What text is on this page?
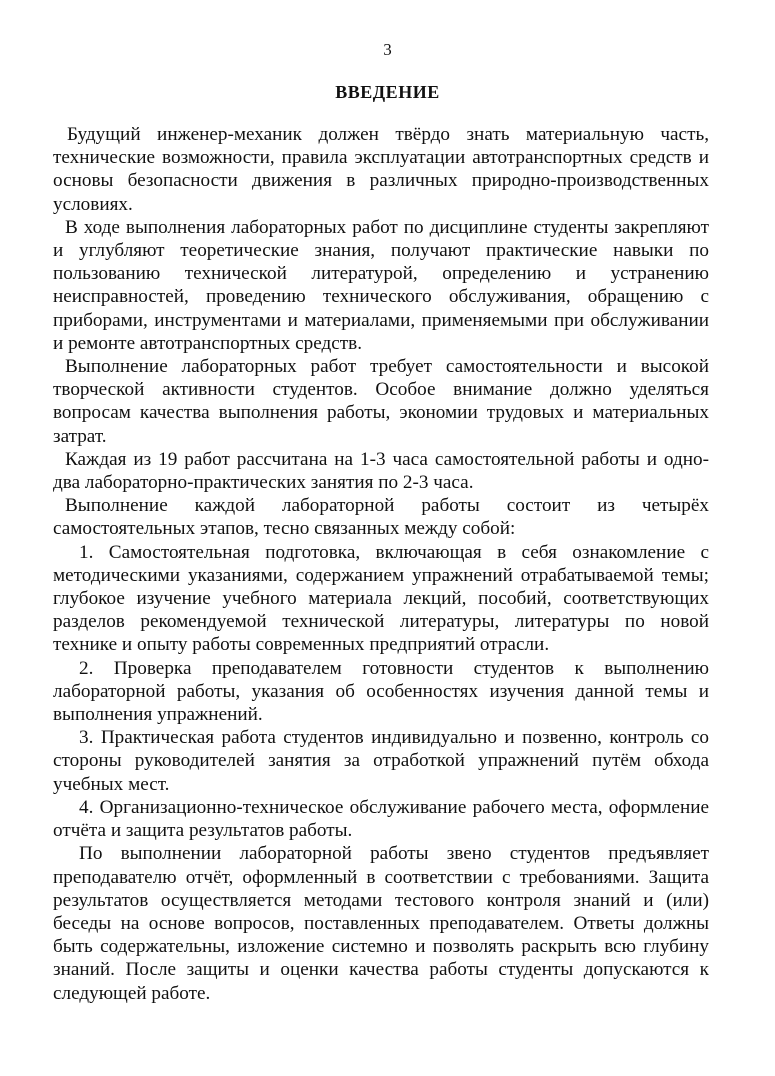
3
ВВЕДЕНИЕ

Будущий инженер-механик должен твёрдо знать материальную часть, технические возможности, правила эксплуатации автотранспортных средств и основы безопасности движения в различных природно-производственных условиях.

В ходе выполнения лабораторных работ по дисциплине студенты закрепляют и углубляют теоретические знания, получают практические навыки по пользованию технической литературой, определению и устранению неисправностей, проведению технического обслуживания, обращению с приборами, инструментами и материалами, применяемыми при обслуживании и ремонте автотранспортных средств.

Выполнение лабораторных работ требует самостоятельности и высокой творческой активности студентов. Особое внимание должно уделяться вопросам качества выполнения работы, экономии трудовых и материальных затрат.

Каждая из 19 работ рассчитана на 1-3 часа самостоятельной работы и одно-два лабораторно-практических занятия по 2-3 часа.

Выполнение каждой лабораторной работы состоит из четырёх самостоятельных этапов, тесно связанных между собой:

1. Самостоятельная подготовка, включающая в себя ознакомление с методическими указаниями, содержанием упражнений отрабатываемой темы; глубокое изучение учебного материала лекций, пособий, соответствующих разделов рекомендуемой технической литературы, литературы по новой технике и опыту работы современных предприятий отрасли.

2. Проверка преподавателем готовности студентов к выполнению лабораторной работы, указания об особенностях изучения данной темы и выполнения упражнений.

3. Практическая работа студентов индивидуально и позвенно, контроль со стороны руководителей занятия за отработкой упражнений путём обхода учебных мест.

4. Организационно-техническое обслуживание рабочего места, оформление отчёта и защита результатов работы.

По выполнении лабораторной работы звено студентов предъявляет преподавателю отчёт, оформленный в соответствии с требованиями. Защита результатов осуществляется методами тестового контроля знаний и (или) беседы на основе вопросов, поставленных преподавателем. Ответы должны быть содержательны, изложение системно и позволять раскрыть всю глубину знаний. После защиты и оценки качества работы студенты допускаются к следующей работе.
